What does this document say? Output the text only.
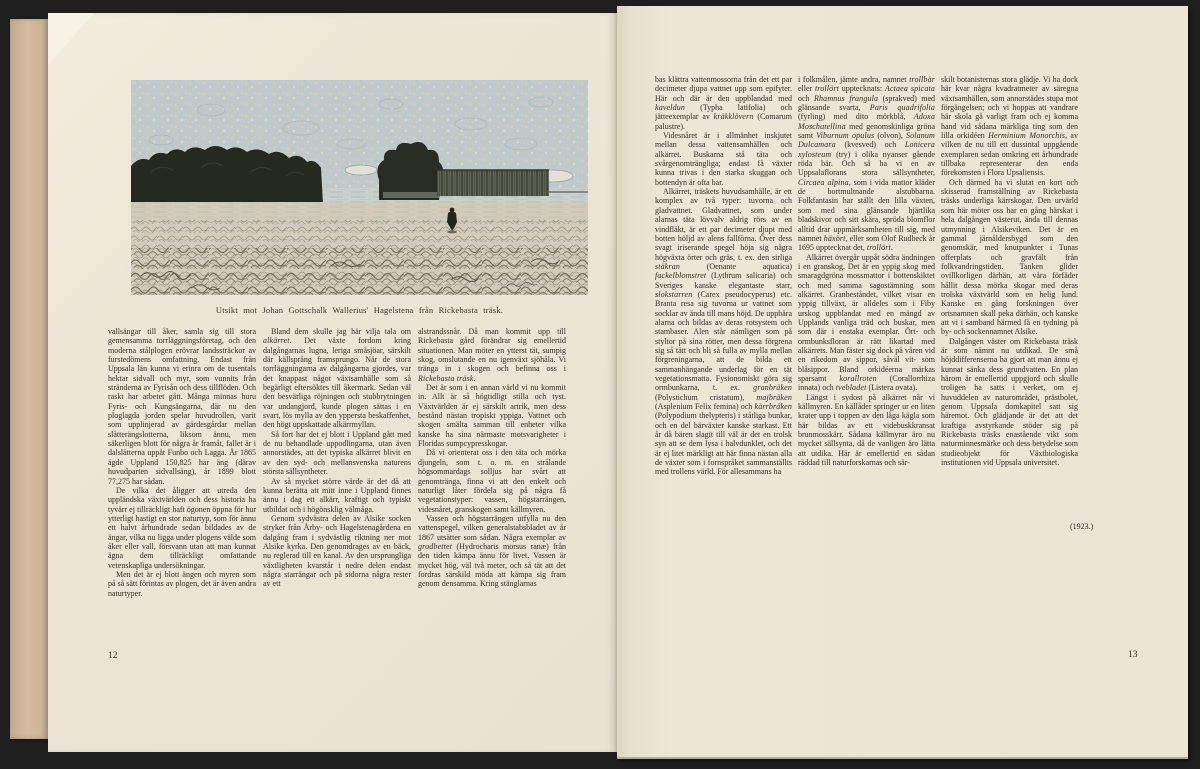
Utsikt mot Johan Gottschalk Wallerius' Hagelstena från Rickebasta träsk.

vallsängar till åker, samla sig till stora gemensamma torrläggningsföretag, och den moderna stålplogen erövrar landssträckor av furstedömens omfattning. Endast från Uppsala län kunna vi erinra om de tusentals hektar sidvall och myr, som vunnits från stränderna av Fyrisån och dess tillflöden. Och raskt har arbetet gått. Många minnas huru Fyris- och Kungsängarna, där nu den ploglagda jorden spelar huvudrollen, varit som upplinjerad av gärdesgårdar mellan slåtterängslotterna, liksom ännu, men säkerligen blott för några år framåt, fallet är i dalslätterna uppåt Funbo och Lagga. År 1865 ägde Uppland 150,825 har äng (därav huvudparten sidvallsäng), år 1899 blott 77,275 har sådan.

De vilka det åligger att utreda den uppländska växtvärlden och dess historia ha tyvärr ej tillräckligt haft ögonen öppna för hur ytterligt hastigt en stor naturtyp, som för ännu ett halvt århundrade sedan bildades av de ängar, vilka nu ligga under plogens välde som åker eller vall, försvann utan att man kunnat ägna dem tillräckligt omfattande vetenskapliga undersökningar.

Men det är ej blott ängen och myren som på så sätt förintas av plogen, det är även andra naturtyper.

Bland dem skulle jag här vilja tala om alkärret. Det växte fordom kring dalgångarnas lugna, leriga småsjöar, särskilt där källsprång framsprungo. När de stora torrläggningarna av dalgångarna gjordes, var det knappast något växtsamhälle som så begärligt eftersöktes till åkermark. Sedan väl den besvärliga röjningen och stubbrytningen var undangjord, kunde plogen sättas i en svart, lös mylla av den yppersta beskaffenhet, den högt uppskattade alkärrmyllan.

Så fort har det ej blott i Uppland gått med de nu behandlade uppodlingarna, utan även annorstädes, att det typiska alkärret blivit en av den syd- och mellansvenska naturens största sällsyntheter.

Av så mycket större värde är det då att kunna berätta att mitt inne i Uppland finnes ännu i dag ett alkärr, kraftigt och typiskt utbildat och i högönsklig välmåga.

Genom sydvästra delen av Alsike socken stryker från Årby- och Hagelstenagårdena en dalgång fram i sydvästlig riktning ner mot Alsike kyrka. Den genomdrages av en bäck, nu reglerad till en kanal. Av den ursprungliga växtligheten kvarstår i nedre delen endast några starrängar och på sidorna några rester av ett

alstrandssnår. Då man kommit upp till Rickebasta gård förändrar sig emellertid situationen. Man möter en ytterst tät, sumpig skog, omslutande en nu igenväxt sjöhåla. Vi tränga in i skogen och befinna oss i Rickebasta träsk.

Det är som i en annan värld vi nu kommit in. Allt är så högtidligt stilla och tyst. Växtvärlden är ej särskilt artrik, men dess bestånd nästan tropiskt yppiga. Vattnet och skogen smälta samman till enheter vilka kanske ha sina närmaste motsvarigheter i Floridas sumpcypresskogar.

Då vi orienterat oss i den täta och mörka djungeln, som t. o. m. en strålande högsommardags solljus har svårt att genomtränga, finna vi att den enkelt och naturligt låter fördela sig på några få vegetationstyper: vassen, högstarrängen, videsnåret, granskogen samt källmyren.

Vassen och högstarrängen utfylla nu den vattenspegel, vilken generalstabsbladet av år 1867 utsätter som sådan. Några exemplar av grodbettet (Hydrocharis morsus ranæ) från den tiden kämpa ännu för livet. Vassen är mycket hög, väl två meter, och så tät att det fordras särskild möda att kämpa sig fram genom densamma. Kring stänglarnas

12

bas klättra vattenmossorna från det ett par decimeter djupa vattnet upp som epifyter. Här och där är den uppblandad med kaveldun (Typha latifolia) och jätteexemplar av kräkklövern (Comarum palustre).

Videsnåret är i allmänhet inskjutet mellan dessa vattensamhällen och alkärret. Buskarna stå täta och svårgenomträngliga; endast få växter kunna trivas i den starka skuggan och bottendyn är ofta bar.

Alkärret, träskets huvudsamhälle, är ett komplex av två typer: tuvorna och gladvattnet. Gladvattnet, som under alarnas täta lövvalv aldrig rörs av en vindfläkt, är ett par decimeter djupt med botten höljd av alens fallförna. Över dess svagt iriserande spegel höja sig några högväxta örter och gräs, t. ex. den sirliga stäkran (Oenante aquatica) fackelblomstret (Lythrum salicaria) och Sveriges kanske elegantaste starr, slokstarren (Carex pseudocyperus) etc. Branta resa sig tuvorna ur vattnet som socklar av ända till mans höjd. De uppbära alarna och bildas av deras rotsystem och stambaser. Alen står nämligen som på styltor på sina rötter, men dessa förgrena sig så tätt och bli så fulla av mylla mellan förgreningarna, att de bilda ett sammanhängande underlag för en tät vegetationsmatta. Fysionomiskt göra sig ormbunkarna, t. ex. granbräken (Polystichum cristatum), majbräken (Asplenium Felix femina) och kärrbräken (Polypodium thelypteris) i ståtliga bunkar, och en del bärväxter kanske starkast. Ett år då bären slagit till väl är det en trolsk syn att se dem lysa i halvdunklet, och det är ej litet märkligt att här finna nästan alla de växter som i fornspråket sammanställts med trollens värld. För allesammans ha

i folkmålen, jämte andra, namnet trollbär eller trollört upptecknats: Actaea spicata och Rhamnus frangula (sprakved) med glänsande svarta, Paris quadrifolia (fyrling) med dito mörkblå, Adoxa Moschatellina med genomskinliga gröna samt Viburnum opulus (olvon), Solanum Dulcamara (kvesved) och Lonicera xylosteum (try) i olika nyanser gående röda bär. Och så ha vi en av Uppsalaflorans stora sällsyntheter, Circaea alpina, som i vida mattor kläder de bortmultnande alstubbarna. Folkfantasin har ställt den lilla växten, som med sina glänsande hjärtlika bladskivor och sitt skära, spröda blomflor alltid drar uppmärksamheten till sig, med namnet häxört, eller som Olof Rudbeck år 1695 upptecknat det, trollört.

Alkärret övergår uppåt södra ändningen i en granskog. Det är en yppig skog med smaragdgröna mossmattor i bottenskiktet och med samma sagostämning som alkärret. Granbeståndet, vilket visar en yppig tillväxt, är alldeles som i Fiby urskog uppblandat med en mängd av Upplands vanliga träd och buskar, men som där i enstaka exemplar. Ört- och ormbunksfloran är rätt likartad med alkärrets. Man fäster sig dock på våren vid en rikedom av sippor, såväl vit- som blåsippor. Bland orkidéerna märkas sparsamt korallroten (Corallorrhiza innata) och tvebladet (Listera ovata).

Längst i sydost på alkärret når vi källmyren. En källåder springer ur en liten krater upp i toppen av den låga kägla som här bildas av ett videbuskkransat brunmosskärr. Sådana källmyrar äro nu mycket sällsynta, då de vanligen äro lätta att utdika. Här är emellertid en sådan räddad till naturforskarnas och sär-

skilt botanisternas stora glädje. Vi ha dock här kvar några kvadratmeter av säregna växtsamhällen, som annorstädes stupa mot förgängelsen; och vi hoppas att vandrare här skola gå varligt fram och ej komma hand vid sådana märkliga ting som den lilla orkidéen Herminium Monorchis, av vilken de nu till ett dussintal uppgående exemplaren sedan omkring ett århundrade tillbaka representerar den enda förekomsten i Flora Upsaliensis.

Och därmed ha vi slutat en kort och skisserad framställning av Rickebasta träsks underliga kärrskogar. Den urvärld som här möter oss har en gång härskat i hela dalgången västerut, ända till dennas utmynning i Alsikeviken. Det är en gammal järnåldersbygd som den genomskär, med knutpunkter i Tunas offerplats och gravfält från folkvandringstiden. Tanken glider ovillkorligen därhän, att våra förfäder hållit dessa mörka skogar med deras trolska växtvärld som en helig lund. Kanske en gång forskningen över ortsnamnen skall peka därhän, och kanske att vi i samband härmed få en tydning på by- och sockennamnet Alsike.

Dalgången väster om Rickebasta träsk är som nämnt nu utdikad. De små höjddifferenserna ha gjort att man ännu ej kunnat sänka dess grundvatten. En plan härom är emellertid uppgjord och skulle troligen ha satts i verket, om ej huvuddelen av naturområdet, prästbolet, genom Uppsala domkapitel satt sig häremot. Och glädjande är det att det kraftiga avstyrkande stöder sig på Rickebasta träsks enastående vikt som naturminnesmärke och dess betydelse som studieobjekt för Växtbiologiska institutionen vid Uppsala universitet.

(1923.)
13
